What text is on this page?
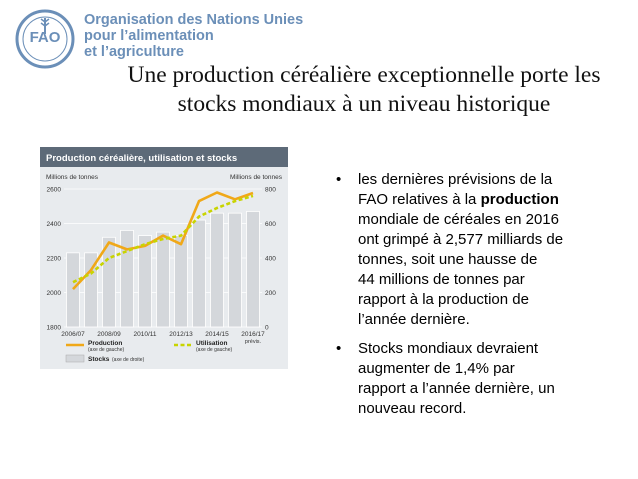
FAO
Organisation des Nations Unies
pour l’alimentation
et l’agriculture
Une production céréalière exceptionnelle porte les stocks mondiaux à un niveau historique
Production céréalière, utilisation et stocks
Millions de tonnes	Millions de tonnes
1800	0
2000	200
2200	400
2400	600
2600	800
2006/07 2008/09 2010/11 2012/13 2014/15 2016/17
prévis.
Production
(axe de gauche)
Utilisation
(axe de gauche)
Stocks (axe de droite)
• les dernières prévisions de la
FAO relatives à la production
mondiale de céréales en 2016
ont grimpé à 2,577 milliards de
tonnes, soit une hausse de
44 millions de tonnes par
rapport à la production de
l’année dernière.
• Stocks mondiaux devraient
augmenter de 1,4% par
rapport a l’année dernière, un
nouveau record.
